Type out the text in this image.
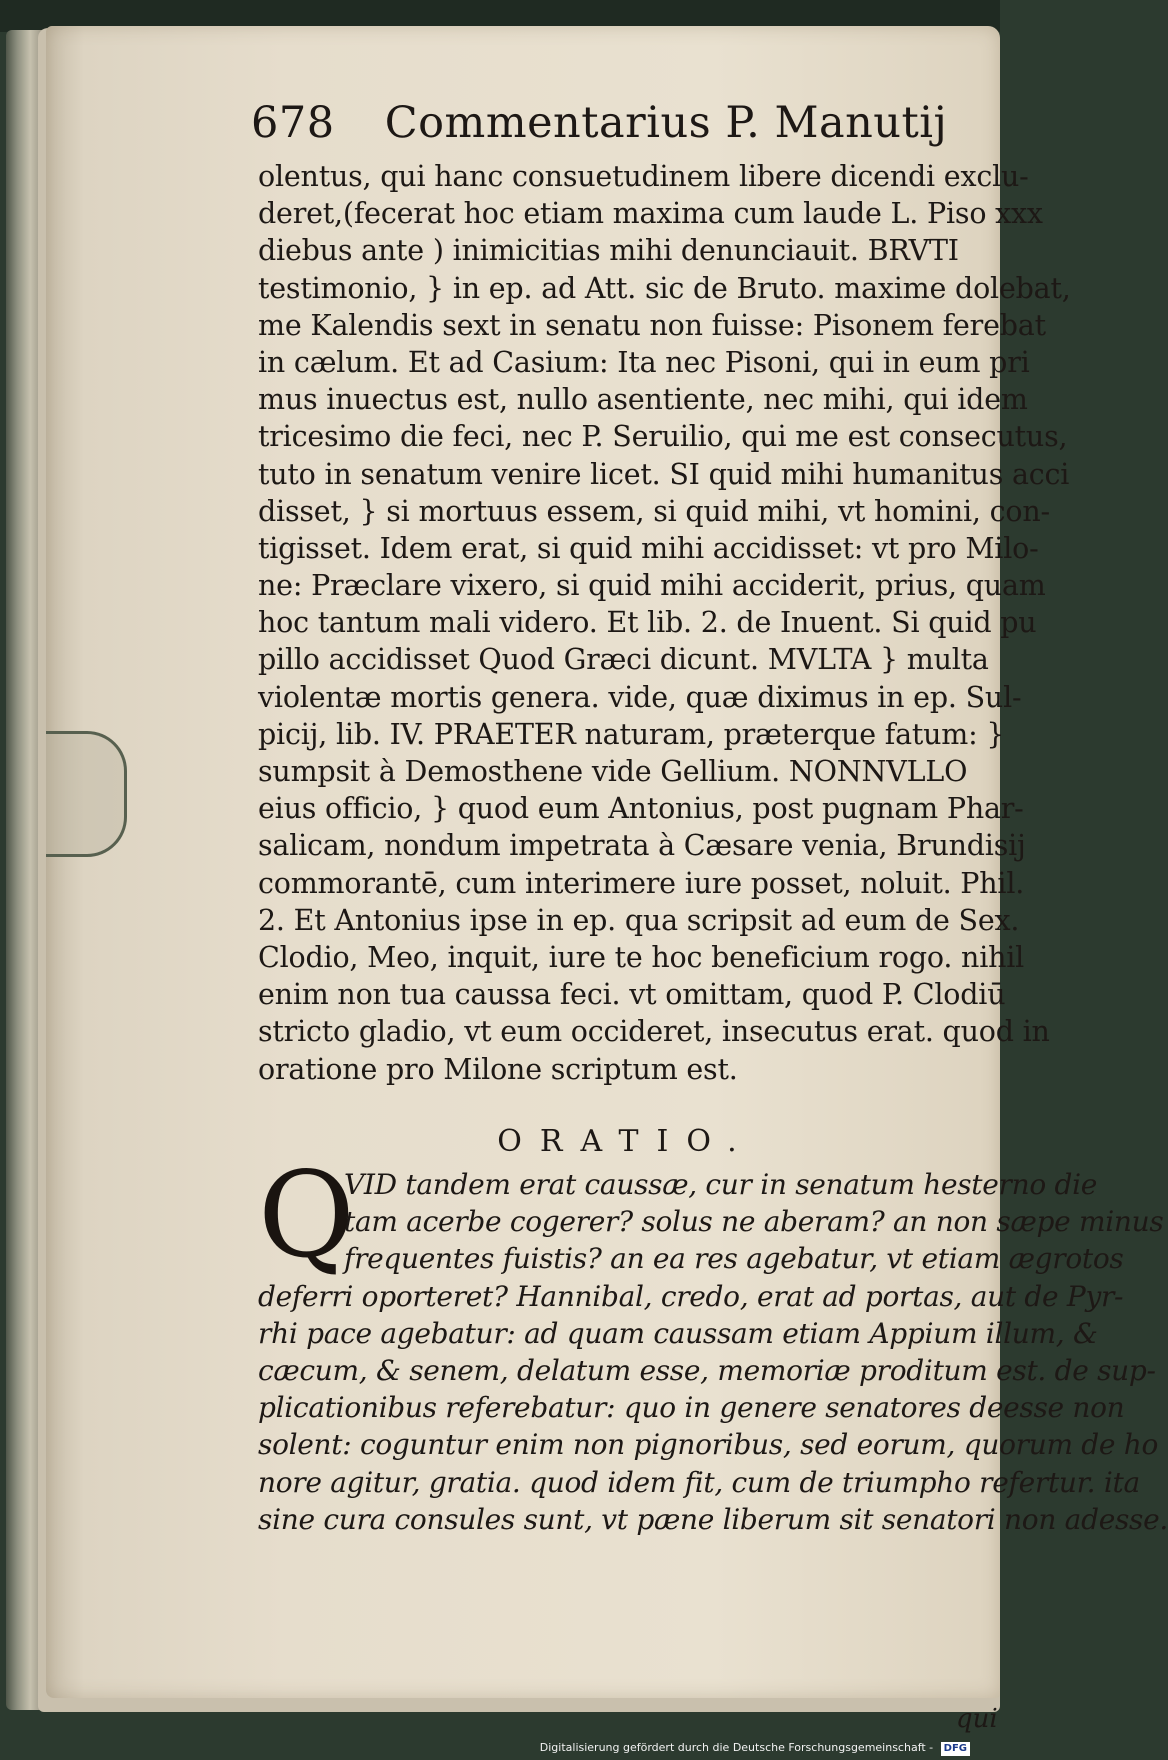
678 Commentarius P. Manutij
olentus, qui hanc consuetudinem libere dicendi exclu-
deret,(fecerat hoc etiam maxima cum laude L. Piso xxx
diebus ante ) inimicitias mihi denunciauit. BRVTI
testimonio, } in ep. ad Att. sic de Bruto. maxime dolebat,
me Kalendis sext in senatu non fuisse: Pisonem ferebat
in cælum. Et ad Casium: Ita nec Pisoni, qui in eum pri
mus inuectus est, nullo asentiente, nec mihi, qui idem
tricesimo die feci, nec P. Seruilio, qui me est consecutus,
tuto in senatum venire licet. SI quid mihi humanitus acci
disset, } si mortuus essem, si quid mihi, vt homini, con-
tigisset. Idem erat, si quid mihi accidisset: vt pro Milo-
ne: Præclare vixero, si quid mihi acciderit, prius, quam
hoc tantum mali videro. Et lib. 2. de Inuent. Si quid pu
pillo accidisset Quod Græci dicunt. MVLTA } multa
violentæ mortis genera. vide, quæ diximus in ep. Sul-
picij, lib. IV. PRAETER naturam, præterque fatum: }
sumpsit à Demosthene vide Gellium. NONNVLLO
eius officio, } quod eum Antonius, post pugnam Phar-
salicam, nondum impetrata à Cæsare venia, Brundisij
commorantē, cum interimere iure posset, noluit. Phil.
2. Et Antonius ipse in ep. qua scripsit ad eum de Sex.
Clodio, Meo, inquit, iure te hoc beneficium rogo. nihil
enim non tua caussa feci. vt omittam, quod P. Clodiū
stricto gladio, vt eum occideret, insecutus erat. quod in
oratione pro Milone scriptum est.
ORATIO.
Q
VID tandem erat caussæ, cur in senatum hesterno die
tam acerbe cogerer? solus ne aberam? an non sæpe minus
frequentes fuistis? an ea res agebatur, vt etiam ægrotos
deferri oporteret? Hannibal, credo, erat ad portas, aut de Pyr-
rhi pace agebatur: ad quam caussam etiam Appium illum, &
cæcum, & senem, delatum esse, memoriæ proditum est. de sup-
plicationibus referebatur: quo in genere senatores deesse non
solent: coguntur enim non pignoribus, sed eorum, quorum de ho
nore agitur, gratia. quod idem fit, cum de triumpho refertur. ita
sine cura consules sunt, vt pæne liberum sit senatori non adesse.
qui
Digitalisierung gefördert durch die Deutsche Forschungsgemeinschaft - DFG
